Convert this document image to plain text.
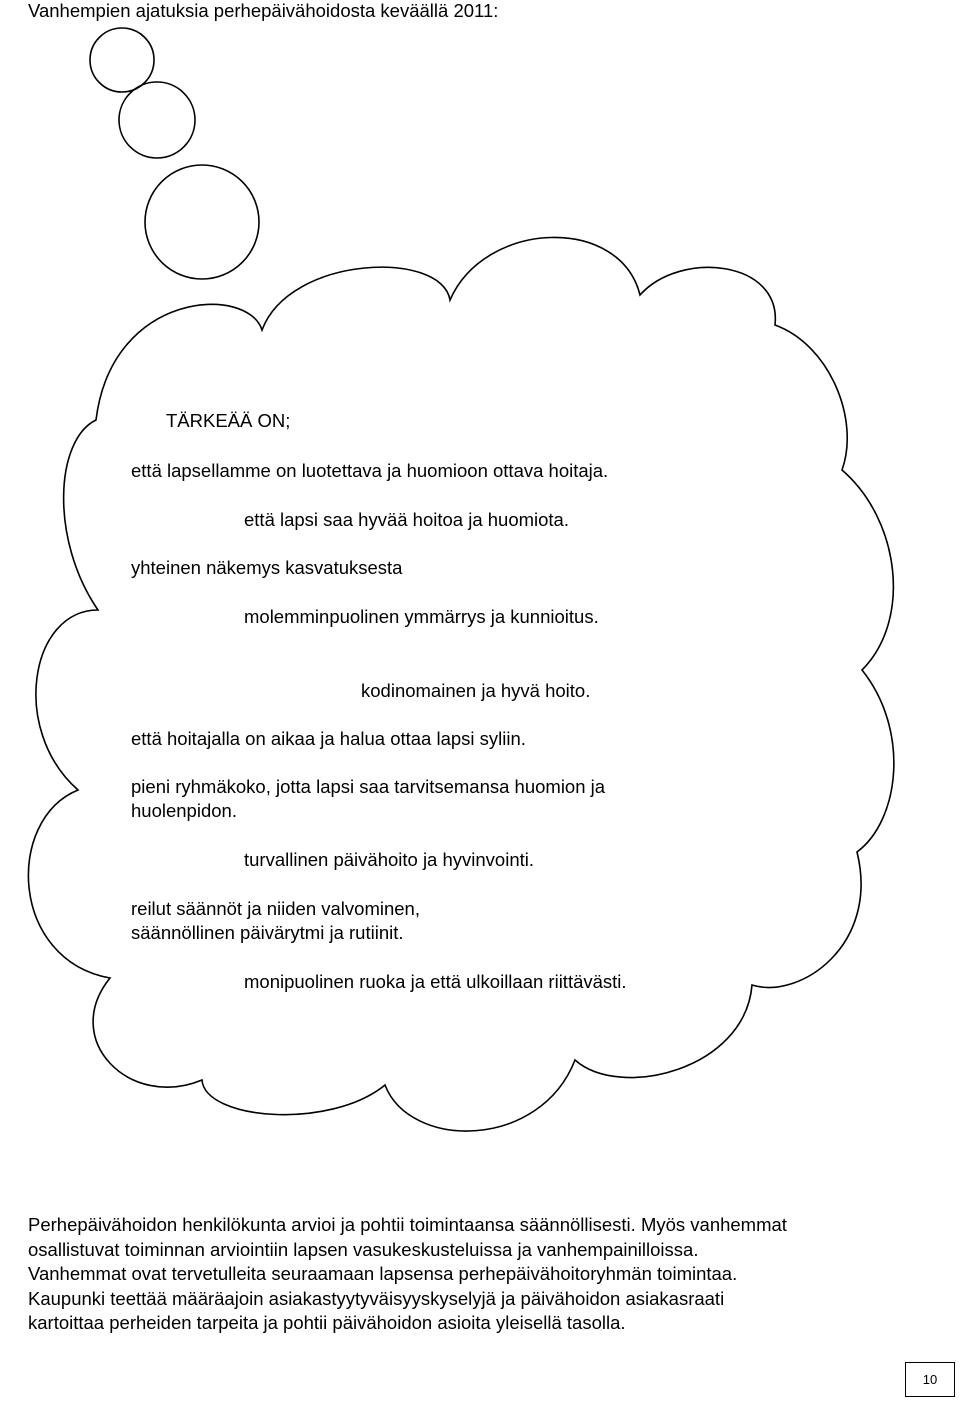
Vanhempien ajatuksia perhepäivähoidosta keväällä 2011:
TÄRKEÄÄ ON;
että lapsellamme on luotettava ja huomioon ottava hoitaja.
että lapsi saa hyvää hoitoa ja huomiota.
yhteinen näkemys kasvatuksesta
molemminpuolinen ymmärrys ja kunnioitus.
kodinomainen ja hyvä hoito.
että hoitajalla on aikaa ja halua ottaa lapsi syliin.
pieni ryhmäkoko, jotta lapsi saa tarvitsemansa huomion ja
huolenpidon.
turvallinen päivähoito ja hyvinvointi.
reilut säännöt ja niiden valvominen,
säännöllinen päivärytmi ja rutiinit.
monipuolinen ruoka ja että ulkoillaan riittävästi.
Perhepäivähoidon henkilökunta arvioi ja pohtii toimintaansa säännöllisesti. Myös vanhemmat
osallistuvat toiminnan arviointiin lapsen vasukeskusteluissa ja vanhempainilloissa.
Vanhemmat ovat tervetulleita seuraamaan lapsensa perhepäivähoitoryhmän toimintaa.
Kaupunki teettää määräajoin asiakastyytyväisyyskyselyjä ja päivähoidon asiakasraati
kartoittaa perheiden tarpeita ja pohtii päivähoidon asioita yleisellä tasolla.
10
